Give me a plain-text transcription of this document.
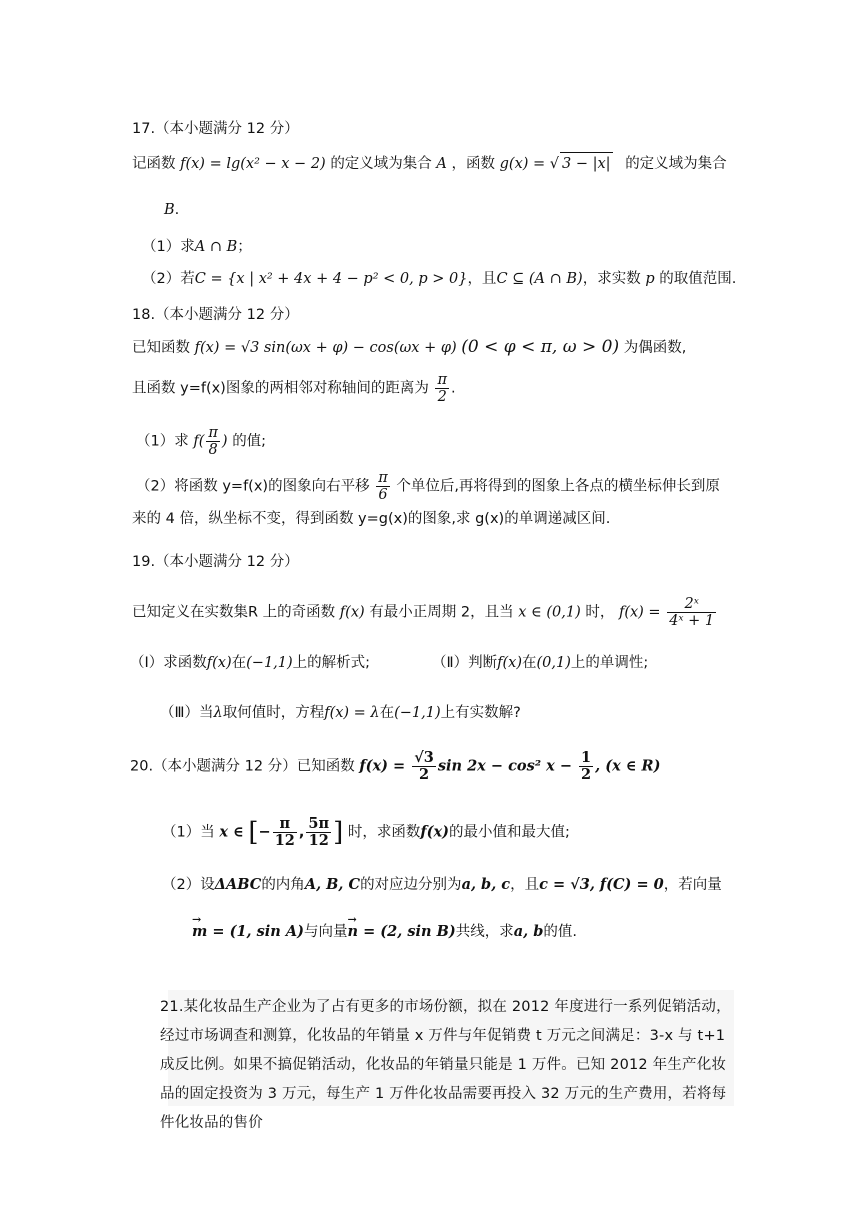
17.（本小题满分 12 分）
记函数 f(x) = lg(x² − x − 2) 的定义域为集合 A ，函数 g(x) = √ 3 − |x| 的定义域为集合
B.
（1）求A ∩ B；
（2）若C = {x | x² + 4x + 4 − p² < 0, p > 0}，且C ⊆ (A ∩ B)，求实数 p 的取值范围.
18.（本小题满分 12 分）
已知函数 f(x) = √3 sin(ωx + φ) − cos(ωx + φ) (0 < φ < π, ω > 0) 为偶函数,
且函数 y=f(x)图象的两相邻对称轴间的距离为 $\frac{\pi}{2}$ .
（1）求 $f( \frac{\pi}{8}$ ) 的值;
（2）将函数 y=f(x)的图象向右平移 $\frac{\pi}{6}$ 个单位后,再将得到的图象上各点的横坐标伸长到原
来的 4 倍，纵坐标不变，得到函数 y=g(x)的图象,求 g(x)的单调递减区间.
19.（本小题满分 12 分）
已知定义在实数集R 上的奇函数 f(x) 有最小正周期 2，且当 x ∈ (0,1) 时， $f(x) = \frac{\text{2ˣ}}{\text{4ˣ + 1}}$
（Ⅰ）求函数f(x)在(−1,1)上的解析式;	（Ⅱ）判断f(x)在(0,1)上的单调性;
（Ⅲ）当λ取何值时，方程f(x) = λ在(−1,1)上有实数解?
20.（本小题满分 12 分）已知函数 $f(x) = \frac{√3}{2}$ sin 2x − cos² $x - \frac{1}{2}$ , (x ∈ R)
（1）当 x ∈ [− $\frac{\pi}{12}$ , $\frac{5\pi}{12}$ ] 时，求函数f(x)的最小值和最大值;
（2）设ΔABC的内角A, B, C的对应边分别为a, b, c，且c = √3, f(C) = 0，若向量
→ m = (1, sin A)与向量→ n = (2, sin B)共线，求a, b的值.
21.某化妆品生产企业为了占有更多的市场份额，拟在 2012 年度进行一系列促销活动，经过市场调查和测算，化妆品的年销量 x 万件与年促销费 t 万元之间满足：3-x 与 t+1 成反比例。如果不搞促销活动，化妆品的年销量只能是 1 万件。已知 2012 年生产化妆品的固定投资为 3 万元，每生产 1 万件化妆品需要再投入 32 万元的生产费用，若将每件化妆品的售价
